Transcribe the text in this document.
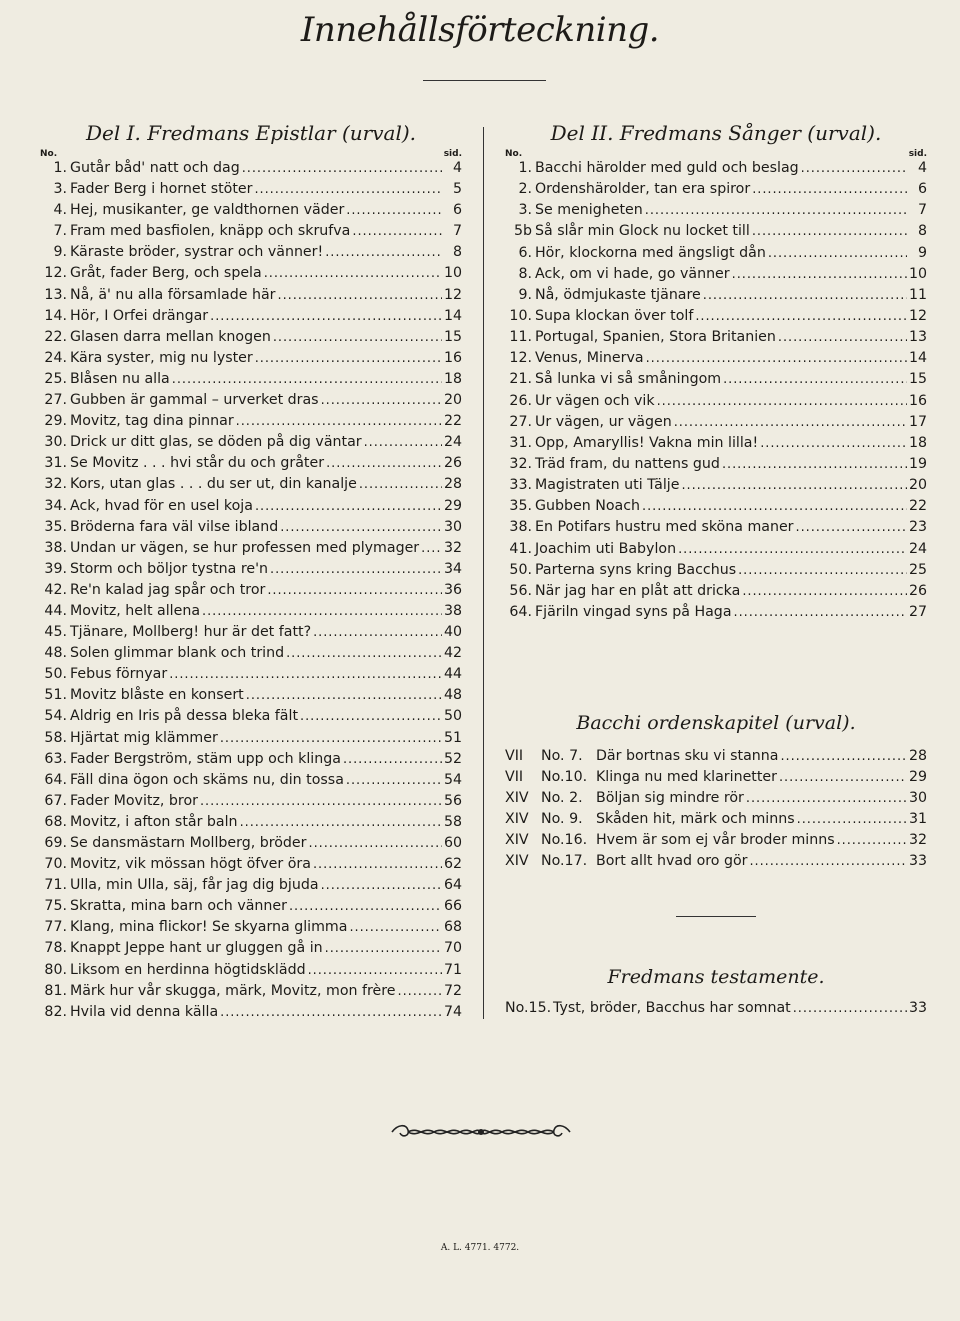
Innehållsförteckning.
Del I. Fredmans Epistlar (urval).
No.	sid.
1. Gutår båd' natt och dag . . .	4
3. Fader Berg i hornet stöter . . .	5
4. Hej, musikanter, ge valdthornen väder . . .	6
7. Fram med basfiolen, knäpp och skrufva . . .	7
9. Käraste bröder, systrar och vänner! . . .	8
12. Gråt, fader Berg, och spela . . .	10
13. Nå, ä' nu alla församlade här . . .	12
14. Hör, I Orfei drängar . . .	14
22. Glasen darra mellan knogen . . .	15
24. Kära syster, mig nu lyster . . .	16
25. Blåsen nu alla . . .	18
27. Gubben är gammal – urverket dras . . .	20
29. Movitz, tag dina pinnar . . .	22
30. Drick ur ditt glas, se döden på dig väntar . . .	24
31. Se Movitz . . . hvi står du och gråter . . .	26
32. Kors, utan glas . . . du ser ut, din kanalje . . .	28
34. Ack, hvad för en usel koja . . .	29
35. Bröderna fara väl vilse ibland . . .	30
38. Undan ur vägen, se hur professen med plymager . . . 32
39. Storm och böljor tystna re'n . . .	34
42. Re'n kalad jag spår och tror . . .	36
44. Movitz, helt allena . . .	38
45. Tjänare, Mollberg! hur är det fatt? . . .	40
48. Solen glimmar blank och trind . . .	42
50. Febus förnyar . . .	44
51. Movitz blåste en konsert . . .	48
54. Aldrig en Iris på dessa bleka fält . . .	50
58. Hjärtat mig klämmer . . .	51
63. Fader Bergström, stäm upp och klinga . . .	52
64. Fäll dina ögon och skäms nu, din tossa . . .	54
67. Fader Movitz, bror . . .	56
68. Movitz, i afton står baln . . .	58
69. Se dansmästarn Mollberg, bröder . . .	60
70. Movitz, vik mössan högt öfver öra . . .	62
71. Ulla, min Ulla, säj, får jag dig bjuda . . .	64
75. Skratta, mina barn och vänner . . .	66
77. Klang, mina flickor! Se skyarna glimma . . .	68
78. Knappt Jeppe hant ur gluggen gå in . . .	70
80. Liksom en herdinna högtidsklädd . . .	71
81. Märk hur vår skugga, märk, Movitz, mon frère . . .	72
82. Hvila vid denna källa . . .	74
Del II. Fredmans Sånger (urval).
No.	sid.
1. Bacchi härolder med guld och beslag . . .	4
2. Ordenshärolder, tan era spiror . . .	6
3. Se menigheten . . .	7
5b Så slår min Glock nu locket till . . .	8
6. Hör, klockorna med ängsligt dån . . .	9
8. Ack, om vi hade, go vänner . . .	10
9. Nå, ödmjukaste tjänare . . .	11
10. Supa klockan över tolf . . .	12
11. Portugal, Spanien, Stora Britanien . . .	13
12. Venus, Minerva . . .	14
21. Så lunka vi så småningom . . .	15
26. Ur vägen och vik . . .	16
27. Ur vägen, ur vägen . . .	17
31. Opp, Amaryllis! Vakna min lilla! . . .	18
32. Träd fram, du nattens gud . . .	19
33. Magistraten uti Tälje . . .	20
35. Gubben Noach . . .	22
38. En Potifars hustru med sköna maner . . .	23
41. Joachim uti Babylon . . .	24
50. Parterna syns kring Bacchus . . .	25
56. När jag har en plåt att dricka . . .	26
64. Fjäriln vingad syns på Haga . . .	27
Bacchi ordenskapitel (urval).
VII	No. 7. Där bortnas sku vi stanna . . .	28
VII	No.10. Klinga nu med klarinetter . . .	29
XIV No. 2. Böljan sig mindre rör . . .	30
XIV No. 9. Skåden hit, märk och minns . . .	31
XIV No.16. Hvem är som ej vår broder minns . . .	32
XIV No.17. Bort allt hvad oro gör . . .	33
Fredmans testamente.
No.15. Tyst, bröder, Bacchus har somnat . . .	33
A. L. 4771. 4772.
